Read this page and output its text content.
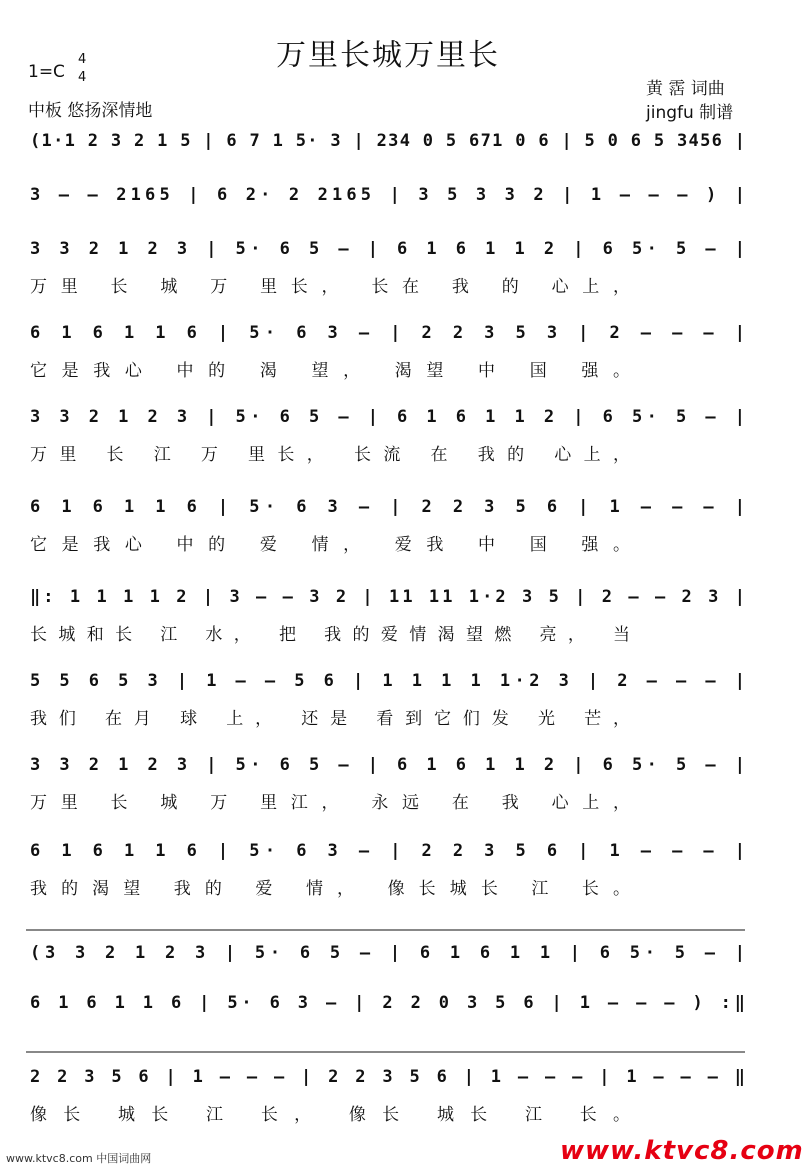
万里长城万里长
1=C
4
4
中板 悠扬深情地
黄 霑 词曲
jingfu 制谱
(1·1 2 3 2 1 5 | 6 7 1 5· 3 | 234 0 5 671 0 6 | 5 0 6 5 3456 |
3 – – 2165 | 6 2· 2 2165 | 3 5 3 3 2 | 1 – – – ) |
3 3 2 1 2 3 | 5· 6 5 – | 6 1 6 1 1 2 | 6 5· 5 – |
万里 长 城 万 里长， 长在 我 的 心上，
6 1 6 1 1 6 | 5· 6 3 – | 2 2 3 5 3 | 2 – – – |
它是我心 中的 渴 望， 渴望 中 国 强。
3 3 2 1 2 3 | 5· 6 5 – | 6 1 6 1 1 2 | 6 5· 5 – |
万里 长 江 万 里长， 长流 在 我的 心上，
6 1 6 1 1 6 | 5· 6 3 – | 2 2 3 5 6 | 1 – – – |
它是我心 中的 爱 情， 爱我 中 国 强。
‖: 1 1 1 1 2 | 3 – – 3 2 | 11 11 1·2 3 5 | 2 – – 2 3 |
长城和长 江 水， 把 我的爱情渴望燃 亮， 当
5 5 6 5 3 | 1 – – 5 6 | 1 1 1 1 1·2 3 | 2 – – – |
我们 在月 球 上， 还是 看到它们发 光 芒，
3 3 2 1 2 3 | 5· 6 5 – | 6 1 6 1 1 2 | 6 5· 5 – |
万里 长 城 万 里江， 永远 在 我 心上，
6 1 6 1 1 6 | 5· 6 3 – | 2 2 3 5 6 | 1 – – – |
我的渴望 我的 爱 情， 像长城长 江 长。
(3 3 2 1 2 3 | 5· 6 5 – | 6 1 6 1 1 | 6 5· 5 – |
6 1 6 1 1 6 | 5· 6 3 – | 2 2 0 3 5 6 | 1 – – – ) :‖
2 2 3 5 6 | 1 – – – | 2 2 3 5 6 | 1 – – – | 1 – – – ‖
像长 城长 江 长， 像长 城长 江 长。
www.ktvc8.com 中国词曲网	www.ktvc8.com
